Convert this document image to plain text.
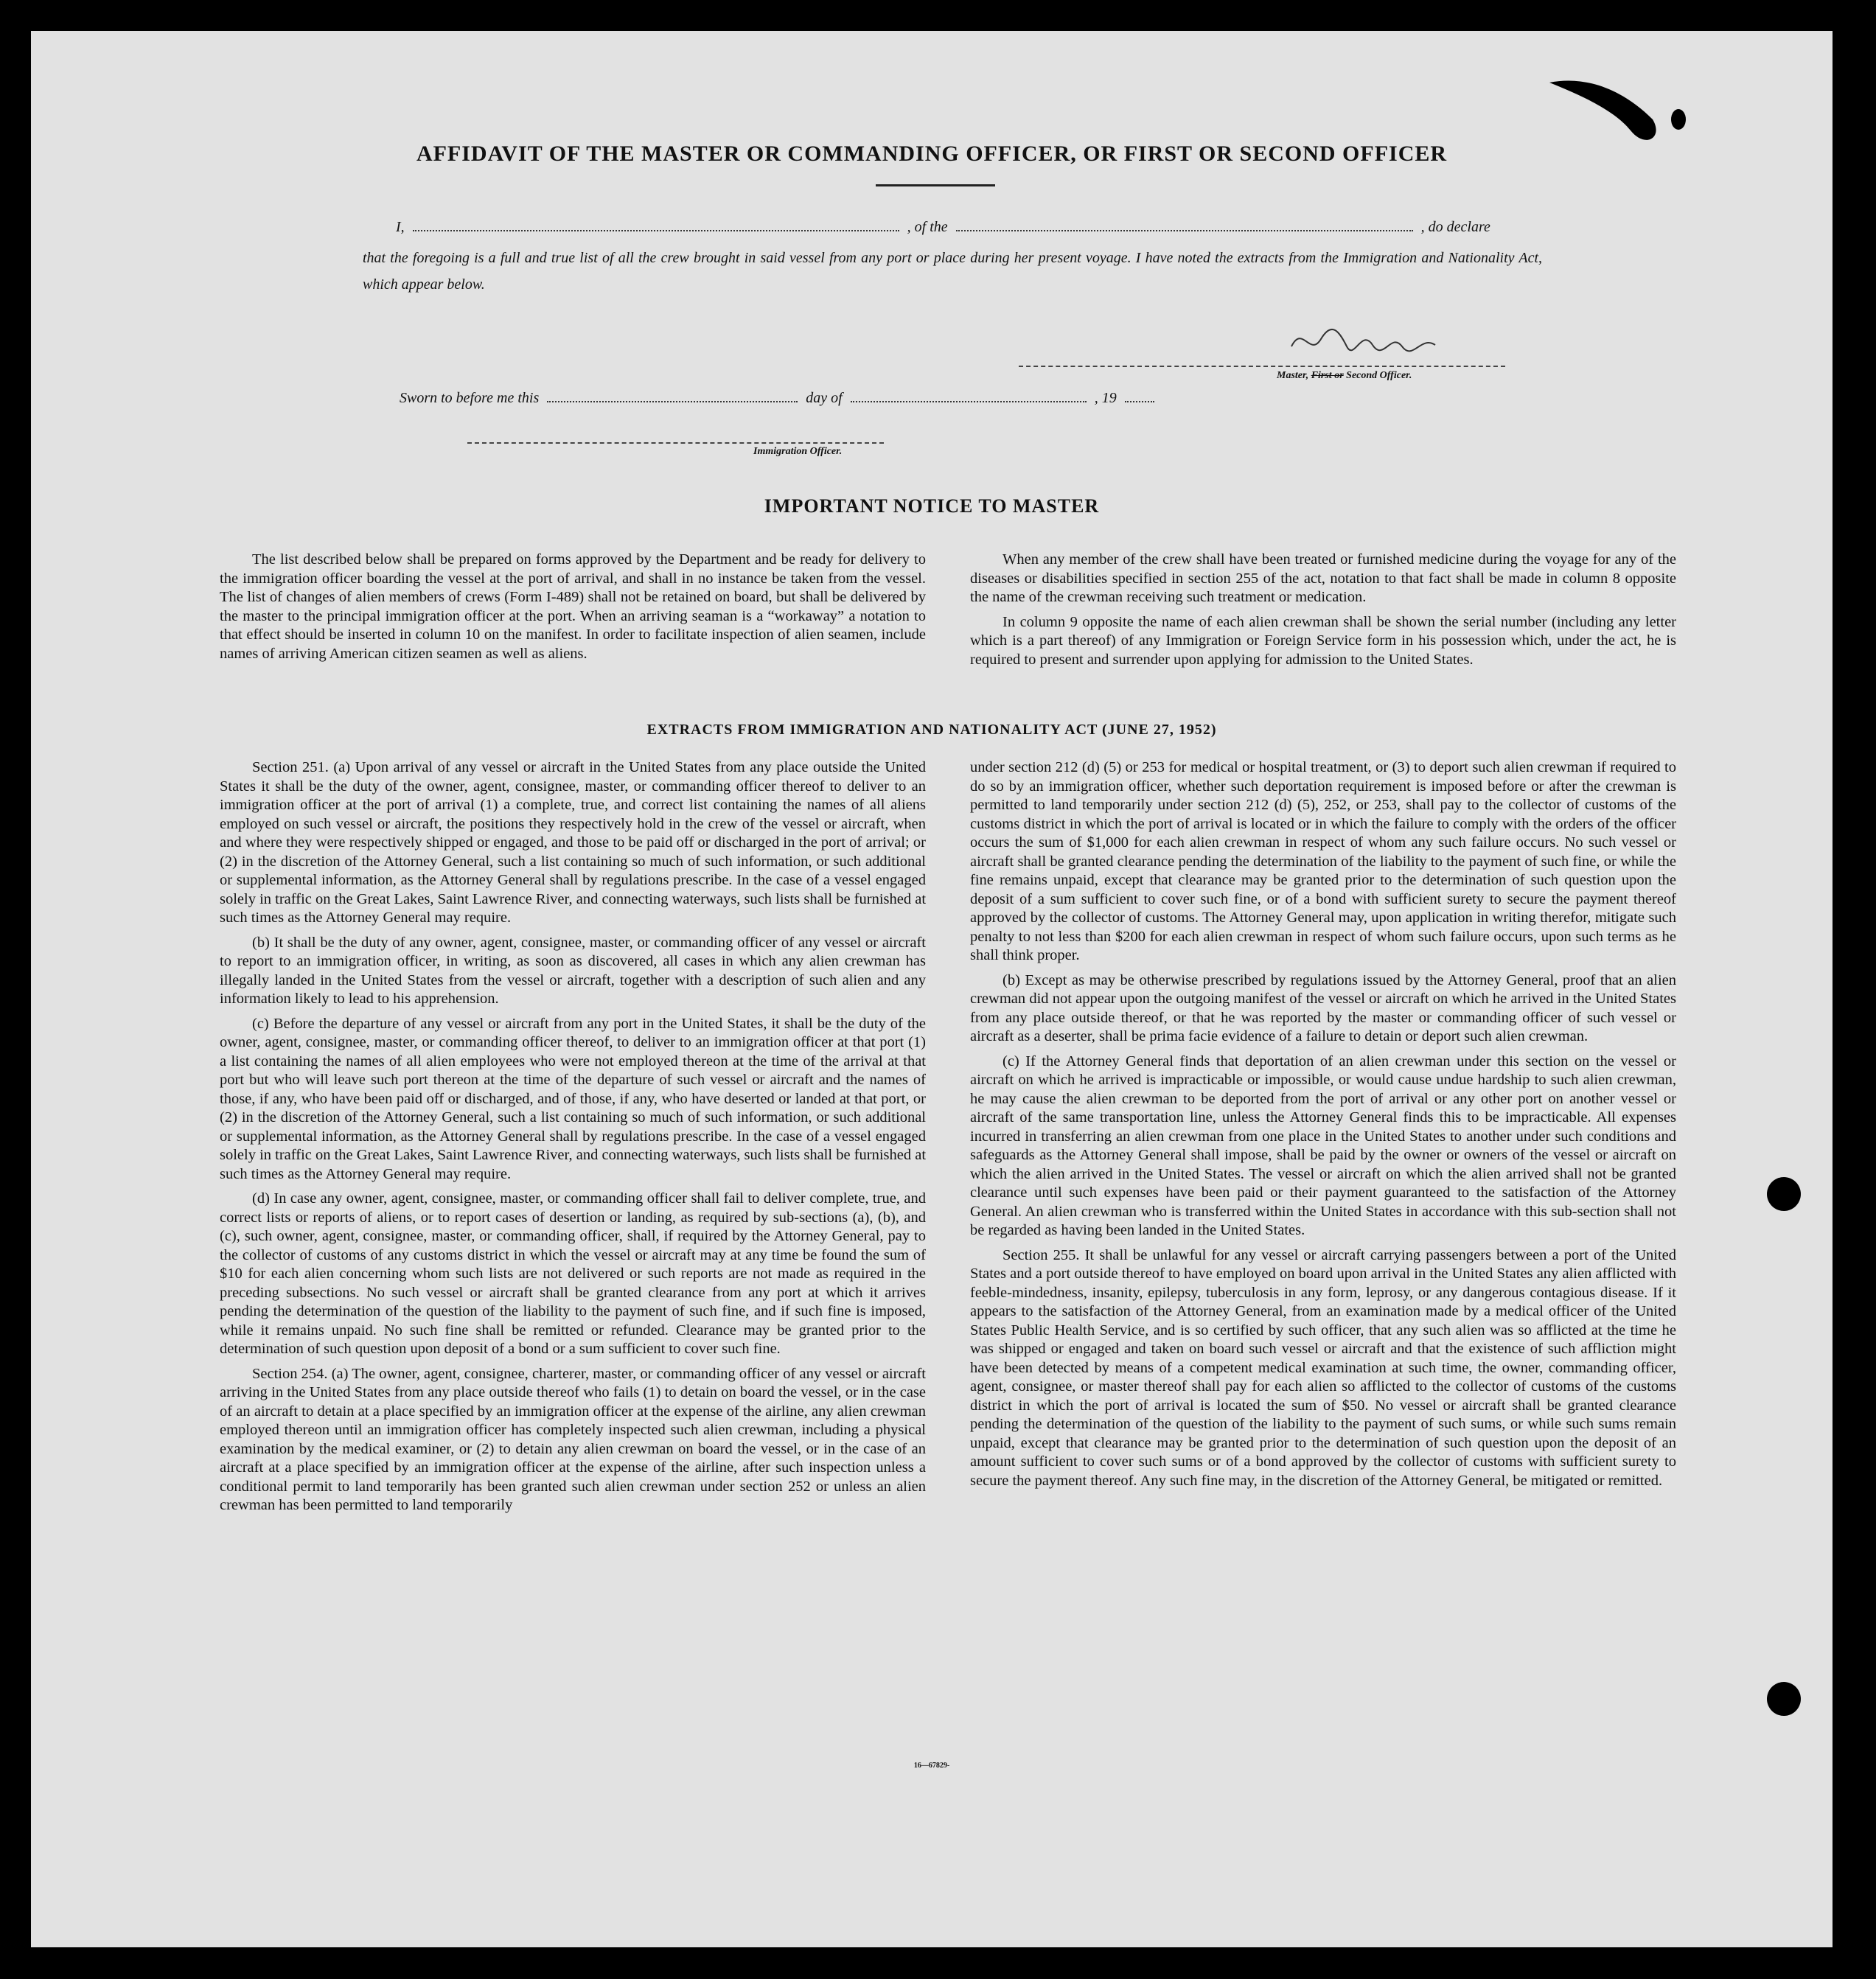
AFFIDAVIT OF THE MASTER OR COMMANDING OFFICER, OR FIRST OR SECOND OFFICER
I,	, of the	, do declare
that the foregoing is a full and true list of all the crew brought in said vessel from any port or place during her present voyage. I have noted the extracts from the Immigration and Nationality Act, which appear below.
Master, First or Second Officer.
Sworn to before me this	day of	, 19
Immigration Officer.
IMPORTANT NOTICE TO MASTER

The list described below shall be prepared on forms approved by the Department and be ready for delivery to the immigration officer boarding the vessel at the port of arrival, and shall in no instance be taken from the vessel. The list of changes of alien members of crews (Form I-489) shall not be retained on board, but shall be delivered by the master to the principal immigration officer at the port. When an arriving seaman is a “workaway” a notation to that effect should be inserted in column 10 on the manifest. In order to facilitate inspection of alien seamen, include names of arriving American citizen seamen as well as aliens.

When any member of the crew shall have been treated or furnished medicine during the voyage for any of the diseases or disabilities specified in section 255 of the act, notation to that fact shall be made in column 8 opposite the name of the crewman receiving such treatment or medication.

In column 9 opposite the name of each alien crewman shall be shown the serial number (including any letter which is a part thereof) of any Immigration or Foreign Service form in his possession which, under the act, he is required to present and surrender upon applying for admission to the United States.

EXTRACTS FROM IMMIGRATION AND NATIONALITY ACT (JUNE 27, 1952)

Section 251. (a) Upon arrival of any vessel or aircraft in the United States from any place outside the United States it shall be the duty of the owner, agent, consignee, master, or commanding officer thereof to deliver to an immigration officer at the port of arrival (1) a complete, true, and correct list containing the names of all aliens employed on such vessel or aircraft, the positions they respectively hold in the crew of the vessel or aircraft, when and where they were respectively shipped or engaged, and those to be paid off or discharged in the port of arrival; or (2) in the discretion of the Attorney General, such a list containing so much of such information, or such additional or supplemental information, as the Attorney General shall by regulations prescribe. In the case of a vessel engaged solely in traffic on the Great Lakes, Saint Lawrence River, and connecting waterways, such lists shall be furnished at such times as the Attorney General may require.

(b) It shall be the duty of any owner, agent, consignee, master, or commanding officer of any vessel or aircraft to report to an immigration officer, in writing, as soon as discovered, all cases in which any alien crewman has illegally landed in the United States from the vessel or aircraft, together with a description of such alien and any information likely to lead to his apprehension.

(c) Before the departure of any vessel or aircraft from any port in the United States, it shall be the duty of the owner, agent, consignee, master, or commanding officer thereof, to deliver to an immigration officer at that port (1) a list containing the names of all alien employees who were not employed thereon at the time of the arrival at that port but who will leave such port thereon at the time of the departure of such vessel or aircraft and the names of those, if any, who have been paid off or discharged, and of those, if any, who have deserted or landed at that port, or (2) in the discretion of the Attorney General, such a list containing so much of such information, or such additional or supplemental information, as the Attorney General shall by regulations prescribe. In the case of a vessel engaged solely in traffic on the Great Lakes, Saint Lawrence River, and connecting waterways, such lists shall be furnished at such times as the Attorney General may require.

(d) In case any owner, agent, consignee, master, or commanding officer shall fail to deliver complete, true, and correct lists or reports of aliens, or to report cases of desertion or landing, as required by sub-sections (a), (b), and (c), such owner, agent, consignee, master, or commanding officer, shall, if required by the Attorney General, pay to the collector of customs of any customs district in which the vessel or aircraft may at any time be found the sum of $10 for each alien concerning whom such lists are not delivered or such reports are not made as required in the preceding subsections. No such vessel or aircraft shall be granted clearance from any port at which it arrives pending the determination of the question of the liability to the payment of such fine, and if such fine is imposed, while it remains unpaid. No such fine shall be remitted or refunded. Clearance may be granted prior to the determination of such question upon deposit of a bond or a sum sufficient to cover such fine.

Section 254. (a) The owner, agent, consignee, charterer, master, or commanding officer of any vessel or aircraft arriving in the United States from any place outside thereof who fails (1) to detain on board the vessel, or in the case of an aircraft to detain at a place specified by an immigration officer at the expense of the airline, any alien crewman employed thereon until an immigration officer has completely inspected such alien crewman, including a physical examination by the medical examiner, or (2) to detain any alien crewman on board the vessel, or in the case of an aircraft at a place specified by an immigration officer at the expense of the airline, after such inspection unless a conditional permit to land temporarily has been granted such alien crewman under section 252 or unless an alien crewman has been permitted to land temporarily

under section 212 (d) (5) or 253 for medical or hospital treatment, or (3) to deport such alien crewman if required to do so by an immigration officer, whether such deportation requirement is imposed before or after the crewman is permitted to land temporarily under section 212 (d) (5), 252, or 253, shall pay to the collector of customs of the customs district in which the port of arrival is located or in which the failure to comply with the orders of the officer occurs the sum of $1,000 for each alien crewman in respect of whom any such failure occurs. No such vessel or aircraft shall be granted clearance pending the determination of the liability to the payment of such fine, or while the fine remains unpaid, except that clearance may be granted prior to the determination of such question upon the deposit of a sum sufficient to cover such fine, or of a bond with sufficient surety to secure the payment thereof approved by the collector of customs. The Attorney General may, upon application in writing therefor, mitigate such penalty to not less than $200 for each alien crewman in respect of whom such failure occurs, upon such terms as he shall think proper.

(b) Except as may be otherwise prescribed by regulations issued by the Attorney General, proof that an alien crewman did not appear upon the outgoing manifest of the vessel or aircraft on which he arrived in the United States from any place outside thereof, or that he was reported by the master or commanding officer of such vessel or aircraft as a deserter, shall be prima facie evidence of a failure to detain or deport such alien crewman.

(c) If the Attorney General finds that deportation of an alien crewman under this section on the vessel or aircraft on which he arrived is impracticable or impossible, or would cause undue hardship to such alien crewman, he may cause the alien crewman to be deported from the port of arrival or any other port on another vessel or aircraft of the same transportation line, unless the Attorney General finds this to be impracticable. All expenses incurred in transferring an alien crewman from one place in the United States to another under such conditions and safeguards as the Attorney General shall impose, shall be paid by the owner or owners of the vessel or aircraft on which the alien arrived in the United States. The vessel or aircraft on which the alien arrived shall not be granted clearance until such expenses have been paid or their payment guaranteed to the satisfaction of the Attorney General. An alien crewman who is transferred within the United States in accordance with this sub-section shall not be regarded as having been landed in the United States.

Section 255. It shall be unlawful for any vessel or aircraft carrying passengers between a port of the United States and a port outside thereof to have employed on board upon arrival in the United States any alien afflicted with feeble-mindedness, insanity, epilepsy, tuberculosis in any form, leprosy, or any dangerous contagious disease. If it appears to the satisfaction of the Attorney General, from an examination made by a medical officer of the United States Public Health Service, and is so certified by such officer, that any such alien was so afflicted at the time he was shipped or engaged and taken on board such vessel or aircraft and that the existence of such affliction might have been detected by means of a competent medical examination at such time, the owner, commanding officer, agent, consignee, or master thereof shall pay for each alien so afflicted to the collector of customs of the customs district in which the port of arrival is located the sum of $50. No vessel or aircraft shall be granted clearance pending the determination of the question of the liability to the payment of such sums, or while such sums remain unpaid, except that clearance may be granted prior to the determination of such question upon the deposit of an amount sufficient to cover such sums or of a bond approved by the collector of customs with sufficient surety to secure the payment thereof. Any such fine may, in the discretion of the Attorney General, be mitigated or remitted.

16—67829-
